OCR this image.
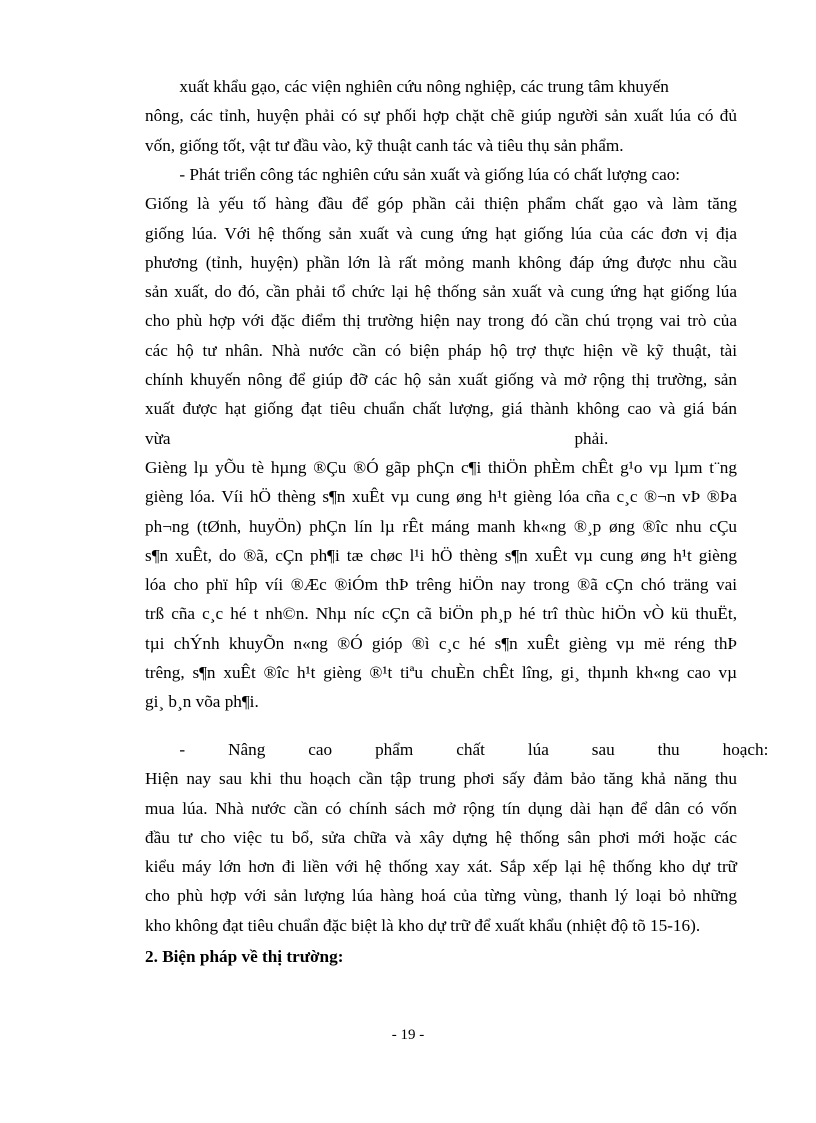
xuất khẩu gạo, các viện nghiên cứu nông nghiệp, các trung tâm khuyến
nông, các tỉnh, huyện phải có sự phối hợp chặt chẽ giúp người sản xuất lúa có đủ
vốn, giống tốt, vật tư đầu vào, kỹ thuật canh tác và tiêu thụ sản phẩm.
- Phát triển công tác nghiên cứu sản xuất và giống lúa có chất lượng cao:
Giống là yếu tố hàng đầu để góp phần cải thiện phẩm chất gạo và làm tăng
giống lúa. Với hệ thống sản xuất và cung ứng hạt giống lúa của các đơn vị địa
phương (tỉnh, huyện) phần lớn là rất mỏng manh không đáp ứng được nhu cầu
sản xuất, do đó, cần phải tổ chức lại hệ thống sản xuất và cung ứng hạt giống lúa
cho phù hợp với đặc điểm thị trường hiện nay trong đó cần chú trọng vai trò của
các hộ tư nhân. Nhà nước cần có biện pháp hộ trợ thực hiện về kỹ thuật, tài
chính khuyến nông để giúp đỡ các hộ sản xuất giống và mở rộng thị trường, sản
xuất được hạt giống đạt tiêu chuẩn chất lượng, giá thành không cao và giá bán
vừa                                                                                              phải.
Gièng lµ yÕu tè hµng ®Çu ®Ó gãp phÇn c¶i thiÖn phÈm chÊt g¹o vµ lµm t¨ng
gièng lóa. Víi hÖ thèng s¶n xuÊt vµ cung øng h¹t gièng lóa cña c¸c ®¬n vÞ ®Þa
ph¬ng (tØnh, huyÖn) phÇn lín lµ rÊt máng manh kh«ng ®¸p øng ®îc nhu cÇu
s¶n xuÊt, do ®ã, cÇn ph¶i tæ chøc l¹i hÖ thèng s¶n xuÊt vµ cung øng h¹t gièng
lóa cho phï hîp víi ®Æc ®iÓm thÞ trêng hiÖn nay trong ®ã cÇn chó träng vai
trß cña c¸c hé t nh©n. Nhµ níc cÇn cã biÖn ph¸p hé trî thùc hiÖn vÒ kü thuËt,
tµi chÝnh khuyÕn n«ng ®Ó gióp ®ì c¸c hé s¶n xuÊt gièng vµ më réng thÞ
trêng, s¶n xuÊt ®îc h¹t gièng ®¹t tiªu chuÈn chÊt lîng, gi¸ thµnh kh«ng cao vµ
gi¸ b¸n võa ph¶i.
-          Nâng          cao          phẩm          chất          lúa          sau          thu          hoạch:
Hiện nay sau khi thu hoạch cần tập trung phơi sấy đảm bảo tăng khả năng thu
mua lúa. Nhà nước cần có chính sách mở rộng tín dụng dài hạn để dân có vốn
đầu tư cho việc tu bổ, sửa chữa và xây dựng hệ thống sân phơi mới hoặc các
kiểu máy lớn hơn đi liền với hệ thống xay xát. Sắp xếp lại hệ thống kho dự trữ
cho phù hợp với sản lượng lúa hàng hoá của từng vùng, thanh lý loại bỏ những
kho không đạt tiêu chuẩn đặc biệt là kho dự trữ để xuất khẩu (nhiệt độ tõ 15-16).
2. Biện pháp về thị trường:
- 19 -
